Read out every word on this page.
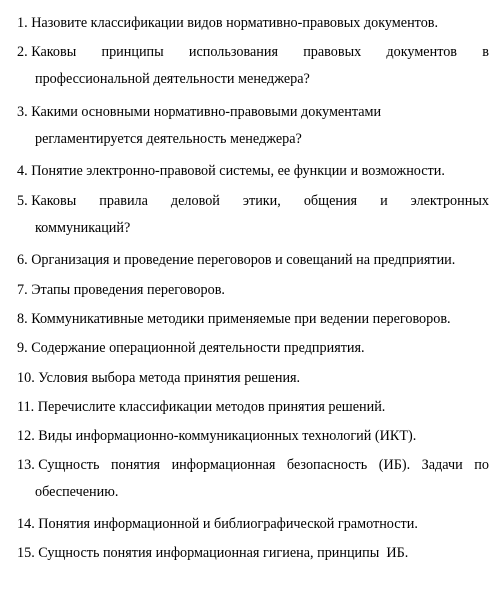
1. Назовите классификации видов нормативно-правовых документов.

2. Каковы принципы использования правовых документов в
профессиональной деятельности менеджера?
3. Какими основными нормативно-правовыми документами
регламентируется деятельность менеджера?

4. Понятие электронно-правовой системы, ее функции и возможности.

5. Каковы правила деловой этики, общения и электронных
коммуникаций?

6. Организация и проведение переговоров и совещаний на предприятии.

7. Этапы проведения переговоров.

8. Коммуникативные методики применяемые при ведении переговоров.

9. Содержание операционной деятельности предприятия.

10. Условия выбора метода принятия решения.

11. Перечислите классификации методов принятия решений.

12. Виды информационно-коммуникационных технологий (ИКТ).

13. Сущность понятия информационная безопасность (ИБ). Задачи по
обеспечению.

14. Понятия информационной и библиографической грамотности.

15. Сущность понятия информационная гигиена, принципы  ИБ.
